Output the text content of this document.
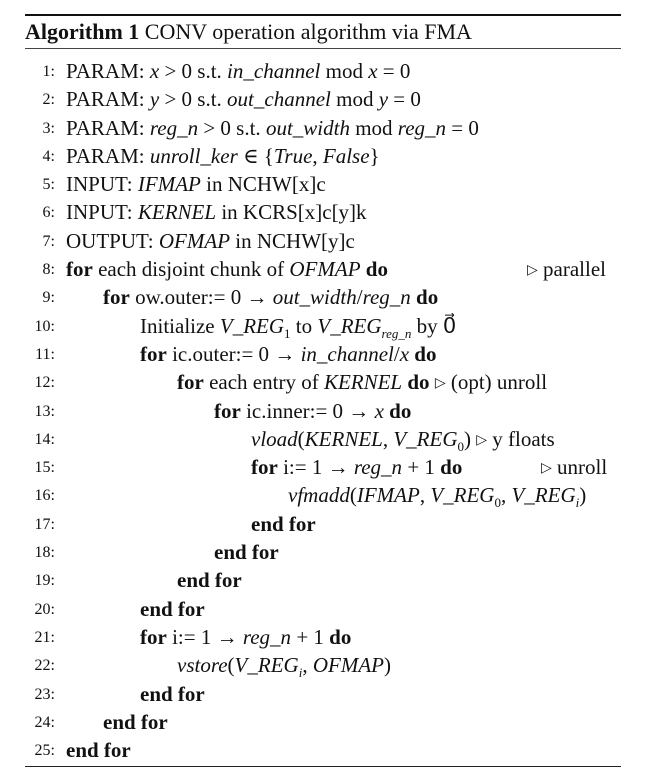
Algorithm 1 CONV operation algorithm via FMA
1: PARAM: x > 0 s.t. in_channel mod x = 0
2: PARAM: y > 0 s.t. out_channel mod y = 0
3: PARAM: reg_n > 0 s.t. out_width mod reg_n = 0
4: PARAM: unroll_ker ∈ {True, False}
5: INPUT: IFMAP in NCHW[x]c
6: INPUT: KERNEL in KCRS[x]c[y]k
7: OUTPUT: OFMAP in NCHW[y]c
8: for each disjoint chunk of OFMAP do	▷ parallel
9: for ow.outer:= 0 → out_width/reg_n do
10:	Initialize $V\_REG_1$ to $V\_REG_{reg\_n}$ by 0⃗
11:	for ic.outer:= 0 → in_channel/x do
12:	for each entry of KERNEL do ▷ (opt) unroll
13:	for ic.inner:= 0 → x do
14:	vload(KERNEL, $V\_REG_0$) ▷ y floats
15:	for i:= 1 → reg_n + 1 do	▷ unroll
16:	vfmadd(IFMAP, $V\_REG_0$, $V\_REG_i$)
17:	end for
18:	end for
19:	end for
20:	end for
21:	for i:= 1 → reg_n + 1 do
22:	$vstore(V\_REG_i$, OFMAP)
23:	end for
24: end for
25: end for
